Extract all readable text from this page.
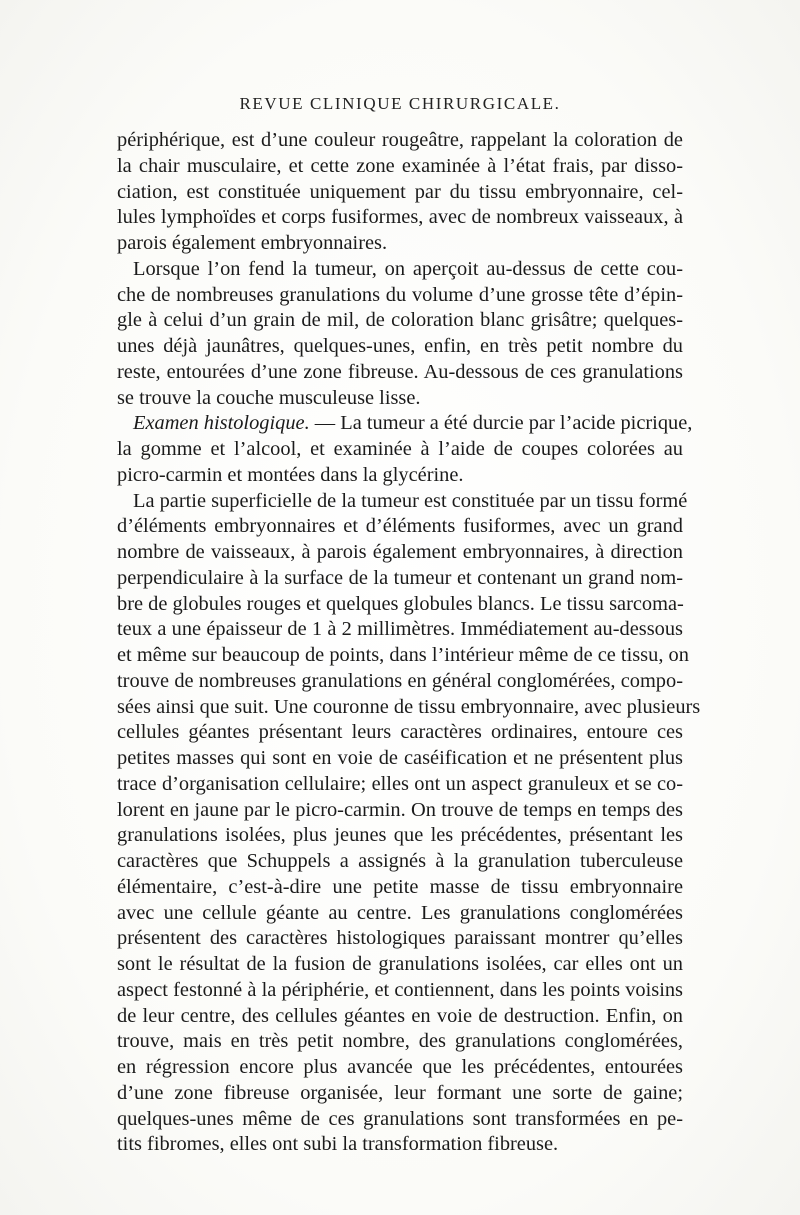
REVUE CLINIQUE CHIRURGICALE.
périphérique, est d’une couleur rougeâtre, rappelant la coloration de
la chair musculaire, et cette zone examinée à l’état frais, par disso-
ciation, est constituée uniquement par du tissu embryonnaire, cel-
lules lymphoïdes et corps fusiformes, avec de nombreux vaisseaux, à
parois également embryonnaires.
Lorsque l’on fend la tumeur, on aperçoit au-dessus de cette cou-
che de nombreuses granulations du volume d’une grosse tête d’épin-
gle à celui d’un grain de mil, de coloration blanc grisâtre; quelques-
unes déjà jaunâtres, quelques-unes, enfin, en très petit nombre du
reste, entourées d’une zone fibreuse. Au-dessous de ces granulations
se trouve la couche musculeuse lisse.
Examen histologique. — La tumeur a été durcie par l’acide picrique,
la gomme et l’alcool, et examinée à l’aide de coupes colorées au
picro-carmin et montées dans la glycérine.
La partie superficielle de la tumeur est constituée par un tissu formé
d’éléments embryonnaires et d’éléments fusiformes, avec un grand
nombre de vaisseaux, à parois également embryonnaires, à direction
perpendiculaire à la surface de la tumeur et contenant un grand nom-
bre de globules rouges et quelques globules blancs. Le tissu sarcoma-
teux a une épaisseur de 1 à 2 millimètres. Immédiatement au-dessous
et même sur beaucoup de points, dans l’intérieur même de ce tissu, on
trouve de nombreuses granulations en général conglomérées, compo-
sées ainsi que suit. Une couronne de tissu embryonnaire, avec plusieurs
cellules géantes présentant leurs caractères ordinaires, entoure ces
petites masses qui sont en voie de caséification et ne présentent plus
trace d’organisation cellulaire; elles ont un aspect granuleux et se co-
lorent en jaune par le picro-carmin. On trouve de temps en temps des
granulations isolées, plus jeunes que les précédentes, présentant les
caractères que Schuppels a assignés à la granulation tuberculeuse
élémentaire, c’est-à-dire une petite masse de tissu embryonnaire
avec une cellule géante au centre. Les granulations conglomérées
présentent des caractères histologiques paraissant montrer qu’elles
sont le résultat de la fusion de granulations isolées, car elles ont un
aspect festonné à la périphérie, et contiennent, dans les points voisins
de leur centre, des cellules géantes en voie de destruction. Enfin, on
trouve, mais en très petit nombre, des granulations conglomérées,
en régression encore plus avancée que les précédentes, entourées
d’une zone fibreuse organisée, leur formant une sorte de gaine;
quelques-unes même de ces granulations sont transformées en pe-
tits fibromes, elles ont subi la transformation fibreuse.
